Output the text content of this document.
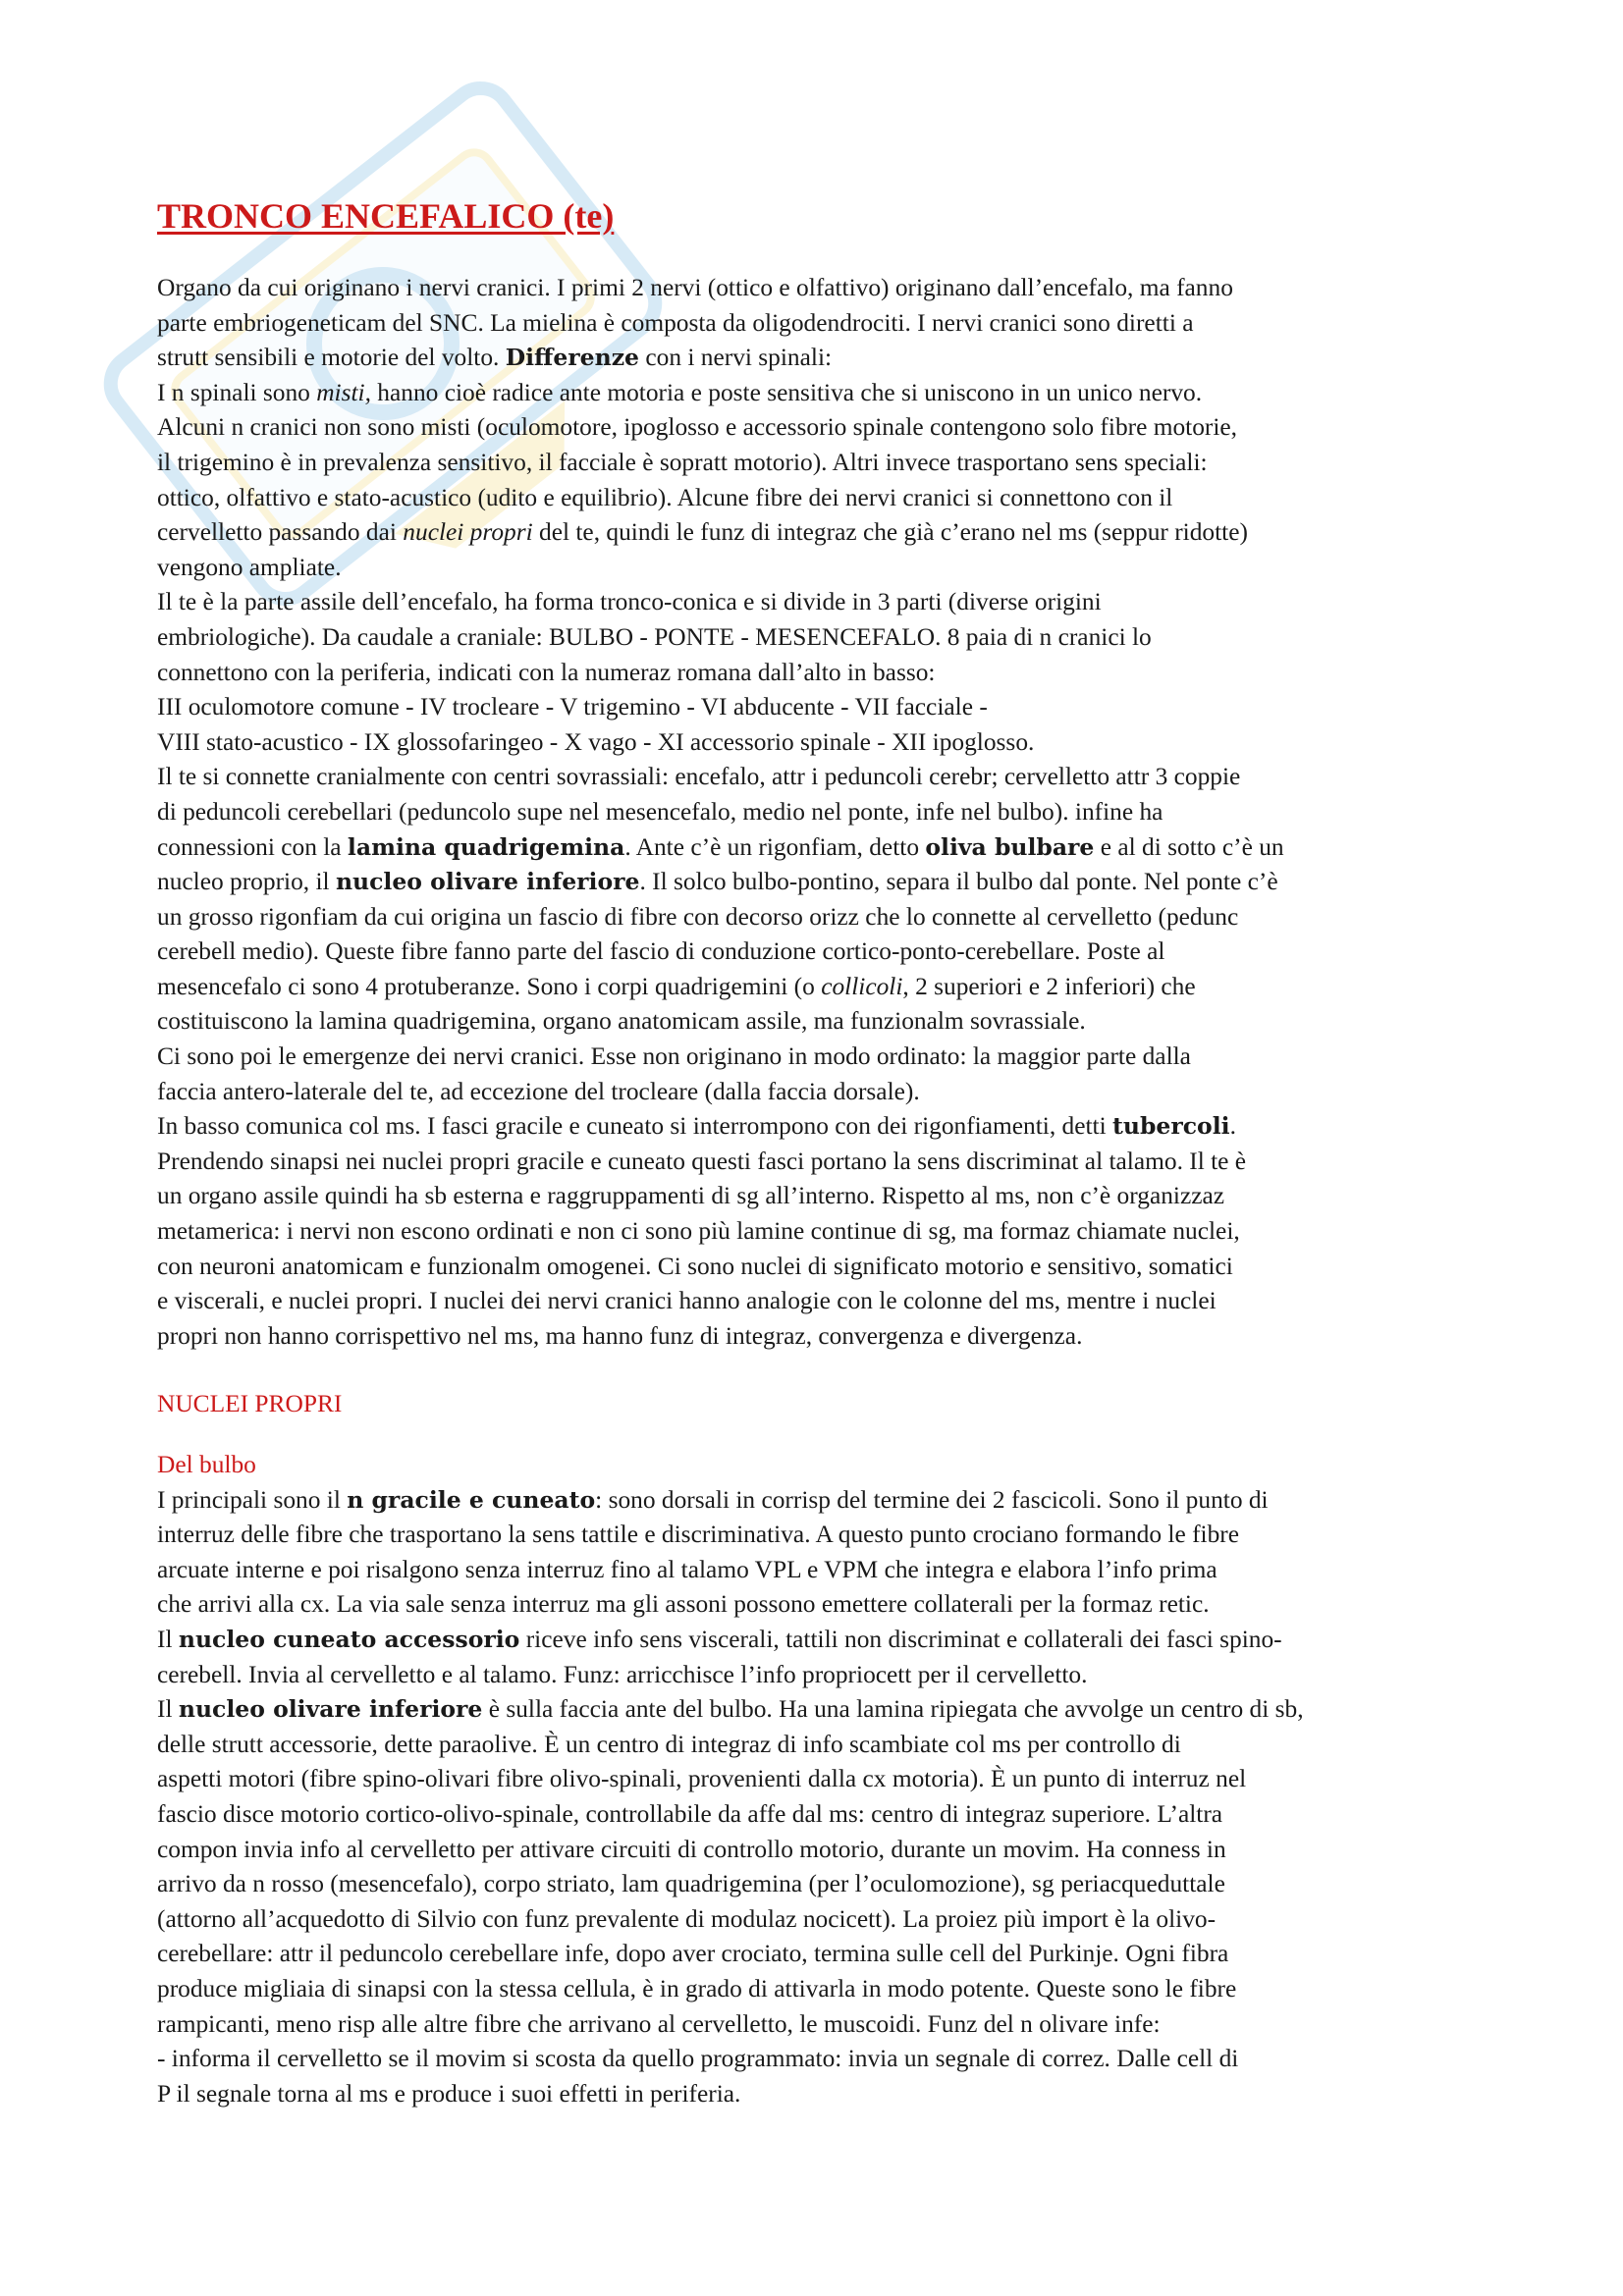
TRONCO ENCEFALICO (te)

Organo da cui originano i nervi cranici. I primi 2 nervi (ottico e olfattivo) originano dall’encefalo, ma fanno
parte embriogeneticam del SNC. La mielina è composta da oligodendrociti. I nervi cranici sono diretti a
strutt sensibili e motorie del volto. Differenze con i nervi spinali:
I n spinali sono misti, hanno cioè radice ante motoria e poste sensitiva che si uniscono in un unico nervo.
Alcuni n cranici non sono misti (oculomotore, ipoglosso e accessorio spinale contengono solo fibre motorie,
il trigemino è in prevalenza sensitivo, il facciale è sopratt motorio). Altri invece trasportano sens speciali:
ottico, olfattivo e stato-acustico (udito e equilibrio). Alcune fibre dei nervi cranici si connettono con il
cervelletto passando dai nuclei propri del te, quindi le funz di integraz che già c’erano nel ms (seppur ridotte)
vengono ampliate.
Il te è la parte assile dell’encefalo, ha forma tronco-conica e si divide in 3 parti (diverse origini
embriologiche). Da caudale a craniale: BULBO - PONTE - MESENCEFALO. 8 paia di n cranici lo
connettono con la periferia, indicati con la numeraz romana dall’alto in basso:
III oculomotore comune - IV trocleare - V trigemino - VI abducente - VII facciale -
VIII stato-acustico - IX glossofaringeo - X vago - XI accessorio spinale - XII ipoglosso.
Il te si connette cranialmente con centri sovrassiali: encefalo, attr i peduncoli cerebr; cervelletto attr 3 coppie
di peduncoli cerebellari (peduncolo supe nel mesencefalo, medio nel ponte, infe nel bulbo). infine ha
connessioni con la lamina quadrigemina. Ante c’è un rigonfiam, detto oliva bulbare e al di sotto c’è un
nucleo proprio, il nucleo olivare inferiore. Il solco bulbo-pontino, separa il bulbo dal ponte. Nel ponte c’è
un grosso rigonfiam da cui origina un fascio di fibre con decorso orizz che lo connette al cervelletto (pedunc
cerebell medio). Queste fibre fanno parte del fascio di conduzione cortico-ponto-cerebellare. Poste al
mesencefalo ci sono 4 protuberanze. Sono i corpi quadrigemini (o collicoli, 2 superiori e 2 inferiori) che
costituiscono la lamina quadrigemina, organo anatomicam assile, ma funzionalm sovrassiale.
Ci sono poi le emergenze dei nervi cranici. Esse non originano in modo ordinato: la maggior parte dalla
faccia antero-laterale del te, ad eccezione del trocleare (dalla faccia dorsale).
In basso comunica col ms. I fasci gracile e cuneato si interrompono con dei rigonfiamenti, detti tubercoli.
Prendendo sinapsi nei nuclei propri gracile e cuneato questi fasci portano la sens discriminat al talamo. Il te è
un organo assile quindi ha sb esterna e raggruppamenti di sg all’interno. Rispetto al ms, non c’è organizzaz
metamerica: i nervi non escono ordinati e non ci sono più lamine continue di sg, ma formaz chiamate nuclei,
con neuroni anatomicam e funzionalm omogenei. Ci sono nuclei di significato motorio e sensitivo, somatici
e viscerali, e nuclei propri. I nuclei dei nervi cranici hanno analogie con le colonne del ms, mentre i nuclei
propri non hanno corrispettivo nel ms, ma hanno funz di integraz, convergenza e divergenza.

NUCLEI PROPRI
Del bulbo

I principali sono il n gracile e cuneato: sono dorsali in corrisp del termine dei 2 fascicoli. Sono il punto di
interruz delle fibre che trasportano la sens tattile e discriminativa. A questo punto crociano formando le fibre
arcuate interne e poi risalgono senza interruz fino al talamo VPL e VPM che integra e elabora l’info prima
che arrivi alla cx. La via sale senza interruz ma gli assoni possono emettere collaterali per la formaz retic.
Il nucleo cuneato accessorio riceve info sens viscerali, tattili non discriminat e collaterali dei fasci spino-
cerebell. Invia al cervelletto e al talamo. Funz: arricchisce l’info propriocett per il cervelletto.
Il nucleo olivare inferiore è sulla faccia ante del bulbo. Ha una lamina ripiegata che avvolge un centro di sb,
delle strutt accessorie, dette paraolive. È un centro di integraz di info scambiate col ms per controllo di
aspetti motori (fibre spino-olivari fibre olivo-spinali, provenienti dalla cx motoria). È un punto di interruz nel
fascio disce motorio cortico-olivo-spinale, controllabile da affe dal ms: centro di integraz superiore. L’altra
compon invia info al cervelletto per attivare circuiti di controllo motorio, durante un movim. Ha conness in
arrivo da n rosso (mesencefalo), corpo striato, lam quadrigemina (per l’oculomozione), sg periacqueduttale
(attorno all’acquedotto di Silvio con funz prevalente di modulaz nocicett). La proiez più import è la olivo-
cerebellare: attr il peduncolo cerebellare infe, dopo aver crociato, termina sulle cell del Purkinje. Ogni fibra
produce migliaia di sinapsi con la stessa cellula, è in grado di attivarla in modo potente. Queste sono le fibre
rampicanti, meno risp alle altre fibre che arrivano al cervelletto, le muscoidi. Funz del n olivare infe:
- informa il cervelletto se il movim si scosta da quello programmato: invia un segnale di correz. Dalle cell di
P il segnale torna al ms e produce i suoi effetti in periferia.
